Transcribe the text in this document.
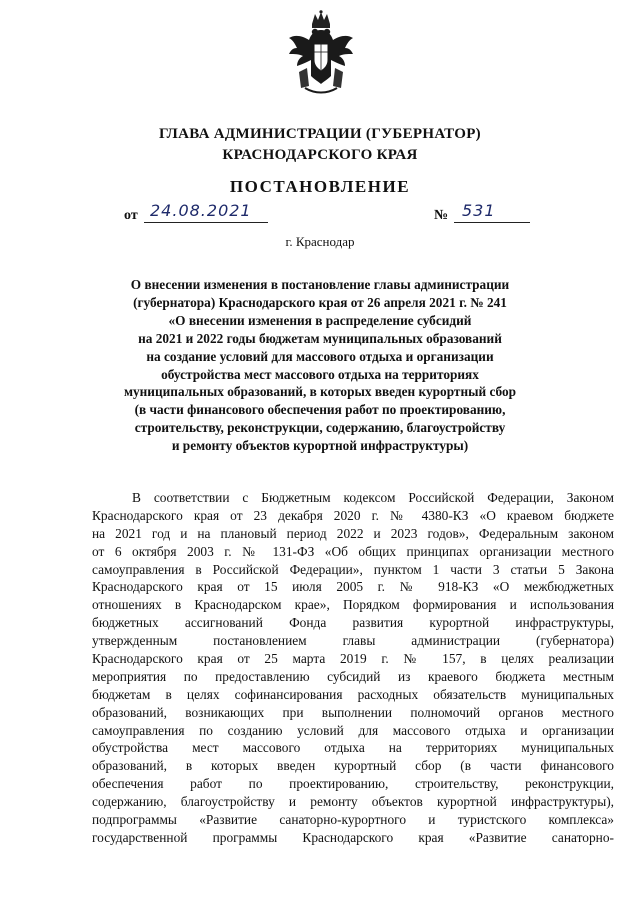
ГЛАВА АДМИНИСТРАЦИИ (ГУБЕРНАТОР)
КРАСНОДАРСКОГО КРАЯ
ПОСТАНОВЛЕНИЕ
от 24.08.2021	№ 531
г. Краснодар
О внесении изменения в постановление главы администрации
(губернатора) Краснодарского края от 26 апреля 2021 г. № 241
«О внесении изменения в распределение субсидий
на 2021 и 2022 годы бюджетам муниципальных образований
на создание условий для массового отдыха и организации
обустройства мест массового отдыха на территориях
муниципальных образований, в которых введен курортный сбор
(в части финансового обеспечения работ по проектированию,
строительству, реконструкции, содержанию, благоустройству
и ремонту объектов курортной инфраструктуры)
В соответствии с Бюджетным кодексом Российской Федерации, Законом
Краснодарского края от 23 декабря 2020 г. № 4380-КЗ «О краевом бюджете
на 2021 год и на плановый период 2022 и 2023 годов», Федеральным законом
от 6 октября 2003 г. № 131-ФЗ «Об общих принципах организации местного
самоуправления в Российской Федерации», пунктом 1 части 3 статьи 5 Закона
Краснодарского края от 15 июля 2005 г. № 918-КЗ «О межбюджетных
отношениях в Краснодарском крае», Порядком формирования и использования
бюджетных ассигнований Фонда развития курортной инфраструктуры,
утвержденным постановлением главы администрации (губернатора)
Краснодарского края от 25 марта 2019 г. № 157, в целях реализации
мероприятия по предоставлению субсидий из краевого бюджета местным
бюджетам в целях софинансирования расходных обязательств муниципальных
образований, возникающих при выполнении полномочий органов местного
самоуправления по созданию условий для массового отдыха и организации
обустройства мест массового отдыха на территориях муниципальных
образований, в которых введен курортный сбор (в части финансового
обеспечения работ по проектированию, строительству, реконструкции,
содержанию, благоустройству и ремонту объектов курортной инфраструктуры),
подпрограммы «Развитие санаторно-курортного и туристского комплекса»
государственной программы Краснодарского края «Развитие санаторно-
